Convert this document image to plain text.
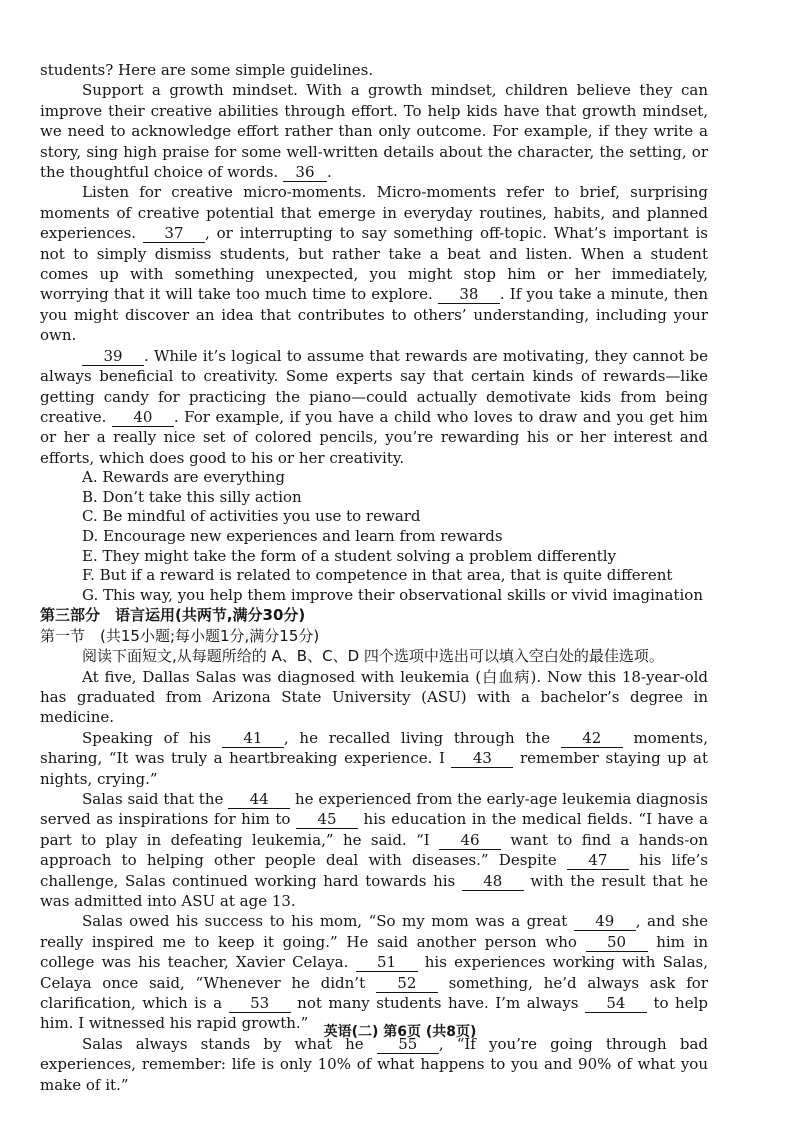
students? Here are some simple guidelines.

Support a growth mindset. With a growth mindset, children believe they can improve their creative abilities through effort. To help kids have that growth mindset, we need to acknowledge effort rather than only outcome. For example, if they write a story, sing high praise for some well-written details about the character, the setting, or the thoughtful choice of words. 36 .

Listen for creative micro-moments. Micro-moments refer to brief, surprising moments of creative potential that emerge in everyday routines, habits, and planned experiences. 37 , or interrupting to say something off-topic. What’s important is not to simply dismiss students, but rather take a beat and listen. When a student comes up with something unexpected, you might stop him or her immediately, worrying that it will take too much time to explore. 38 . If you take a minute, then you might discover an idea that contributes to others’ understanding, including your own.

39 . While it’s logical to assume that rewards are motivating, they cannot be always beneficial to creativity. Some experts say that certain kinds of rewards—like getting candy for practicing the piano—could actually demotivate kids from being creative. 40 . For example, if you have a child who loves to draw and you get him or her a really nice set of colored pencils, you’re rewarding his or her interest and efforts, which does good to his or her creativity.

A. Rewards are everything
B. Don’t take this silly action
C. Be mindful of activities you use to reward
D. Encourage new experiences and learn from rewards
E. They might take the form of a student solving a problem differently
F. But if a reward is related to competence in that area, that is quite different
G. This way, you help them improve their observational skills or vivid imagination

第三部分　语言运用(共两节,满分30分)

第一节　(共15小题;每小题1分,满分15分)

阅读下面短文,从每题所给的 A、B、C、D 四个选项中选出可以填入空白处的最佳选项。

At five, Dallas Salas was diagnosed with leukemia (白血病). Now this 18-year-old has graduated from Arizona State University (ASU) with a bachelor’s degree in medicine.

Speaking of his 41 , he recalled living through the 42 moments, sharing, “It was truly a heartbreaking experience. I 43 remember staying up at nights, crying.”

Salas said that the 44 he experienced from the early-age leukemia diagnosis served as inspirations for him to 45 his education in the medical fields. “I have a part to play in defeating leukemia,” he said. “I 46 want to find a hands-on approach to helping other people deal with diseases.” Despite 47 his life’s challenge, Salas continued working hard towards his 48 with the result that he was admitted into ASU at age 13.

Salas owed his success to his mom, “So my mom was a great 49 , and she really inspired me to keep it going.” He said another person who 50 him in college was his teacher, Xavier Celaya. 51 his experiences working with Salas, Celaya once said, “Whenever he didn’t 52 something, he’d always ask for clarification, which is a 53 not many students have. I’m always 54 to help him. I witnessed his rapid growth.”

Salas always stands by what he 55 , “If you’re going through bad experiences, remember: life is only 10% of what happens to you and 90% of what you make of it.”

英语(二) 第6页 (共8页)
